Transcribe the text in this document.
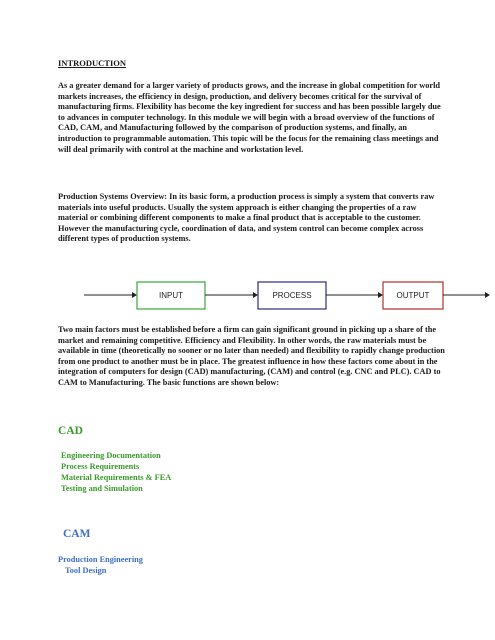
INTRODUCTION
As a greater demand for a larger variety of products grows, and the increase in global competition for world markets increases, the efficiency in design, production, and delivery becomes critical for the survival of manufacturing firms. Flexibility has become the key ingredient for success and has been possible largely due to advances in computer technology. In this module we will begin with a broad overview of the functions of CAD, CAM, and Manufacturing followed by the comparison of production systems, and finally, an introduction to programmable automation. This topic will be the focus for the remaining class meetings and will deal primarily with control at the machine and workstation level.
Production Systems Overview: In its basic form, a production process is simply a system that converts raw materials into useful products. Usually the system approach is either changing the properties of a raw material or combining different components to make a final product that is acceptable to the customer. However the manufacturing cycle, coordination of data, and system control can become complex across different types of production systems.
INPUT	PROCESS	OUTPUT
Two main factors must be established before a firm can gain significant ground in picking up a share of the market and remaining competitive. Efficiency and Flexibility. In other words, the raw materials must be available in time (theoretically no sooner or no later than needed) and flexibility to rapidly change production from one product to another must be in place. The greatest influence in how these factors come about in the integration of computers for design (CAD) manufacturing, (CAM) and control (e.g. CNC and PLC). CAD to CAM to Manufacturing. The basic functions are shown below:
CAD
Engineering Documentation
Process Requirements
Material Requirements & FEA
Testing and Simulation
CAM
Production Engineering
Tool Design
